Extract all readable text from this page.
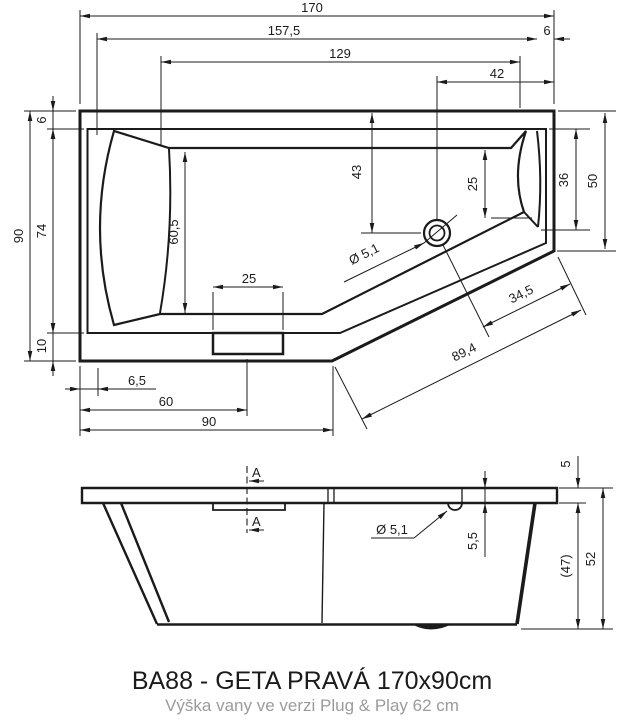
170
157,5	6
129
42
90
6
74
10
60,5
43
25	36 50
Ø 5,1
34,5
89,4
25
6,5
60
90
A
A
5
5,5
(47) 52
Ø 5,1
BA88 - GETA PRAVÁ 170x90cm
Výška vany ve verzi Plug & Play 62 cm
